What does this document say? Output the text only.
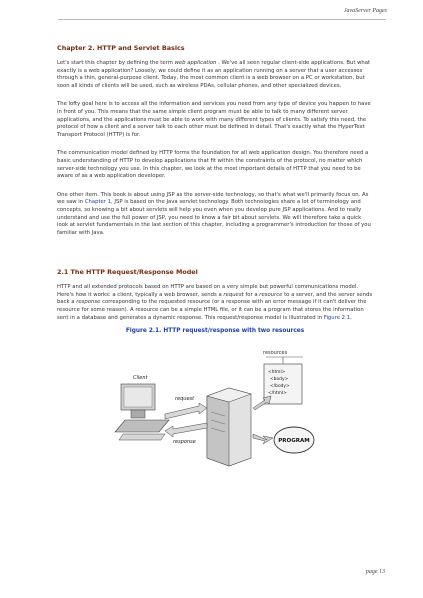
JavaServer Pages
Chapter 2. HTTP and Servlet Basics

Let's start this chapter by defining the term web application . We've all seen regular client-side applications. But what exactly is a web application? Loosely, we could define it as an application running on a server that a user accesses through a thin, general-purpose client. Today, the most common client is a web browser on a PC or workstation, but soon all kinds of clients will be used, such as wireless PDAs, cellular phones, and other specialized devices.

The lofty goal here is to access all the information and services you need from any type of device you happen to have in front of you. This means that the same simple client program must be able to talk to many different server applications, and the applications must be able to work with many different types of clients. To satisfy this need, the protocol of how a client and a server talk to each other must be defined in detail. That's exactly what the HyperText Transport Protocol (HTTP) is for.

The communication model defined by HTTP forms the foundation for all web application design. You therefore need a basic understanding of HTTP to develop applications that fit within the constraints of the protocol, no matter which server-side technology you use. In this chapter, we look at the most important details of HTTP that you need to be aware of as a web application developer.

One other item. This book is about using JSP as the server-side technology, so that's what we'll primarily focus on. As we saw in Chapter 1, JSP is based on the Java servlet technology. Both technologies share a lot of terminology and concepts, so knowing a bit about servlets will help you even when you develop pure JSP applications. And to really understand and use the full power of JSP, you need to know a fair bit about servlets. We will therefore take a quick look at servlet fundamentals in the last section of this chapter, including a programmer's introduction for those of you familiar with Java.

2.1 The HTTP Request/Response Model

HTTP and all extended protocols based on HTTP are based on a very simple but powerful communications model. Here's how it works: a client, typically a web browser, sends a request for a resource to a server, and the server sends back a response corresponding to the requested resource (or a response with an error message if it can't deliver the resource for some reason). A resource can be a simple HTML file, or it can be a program that stores the information sent in a database and generates a dynamic response. This request/response model is illustrated in Figure 2.1.

Figure 2.1. HTTP request/response with two resources
resources
<html>
<body>
</body>
</html>
Client
request
response	PROGRAM
page 13
